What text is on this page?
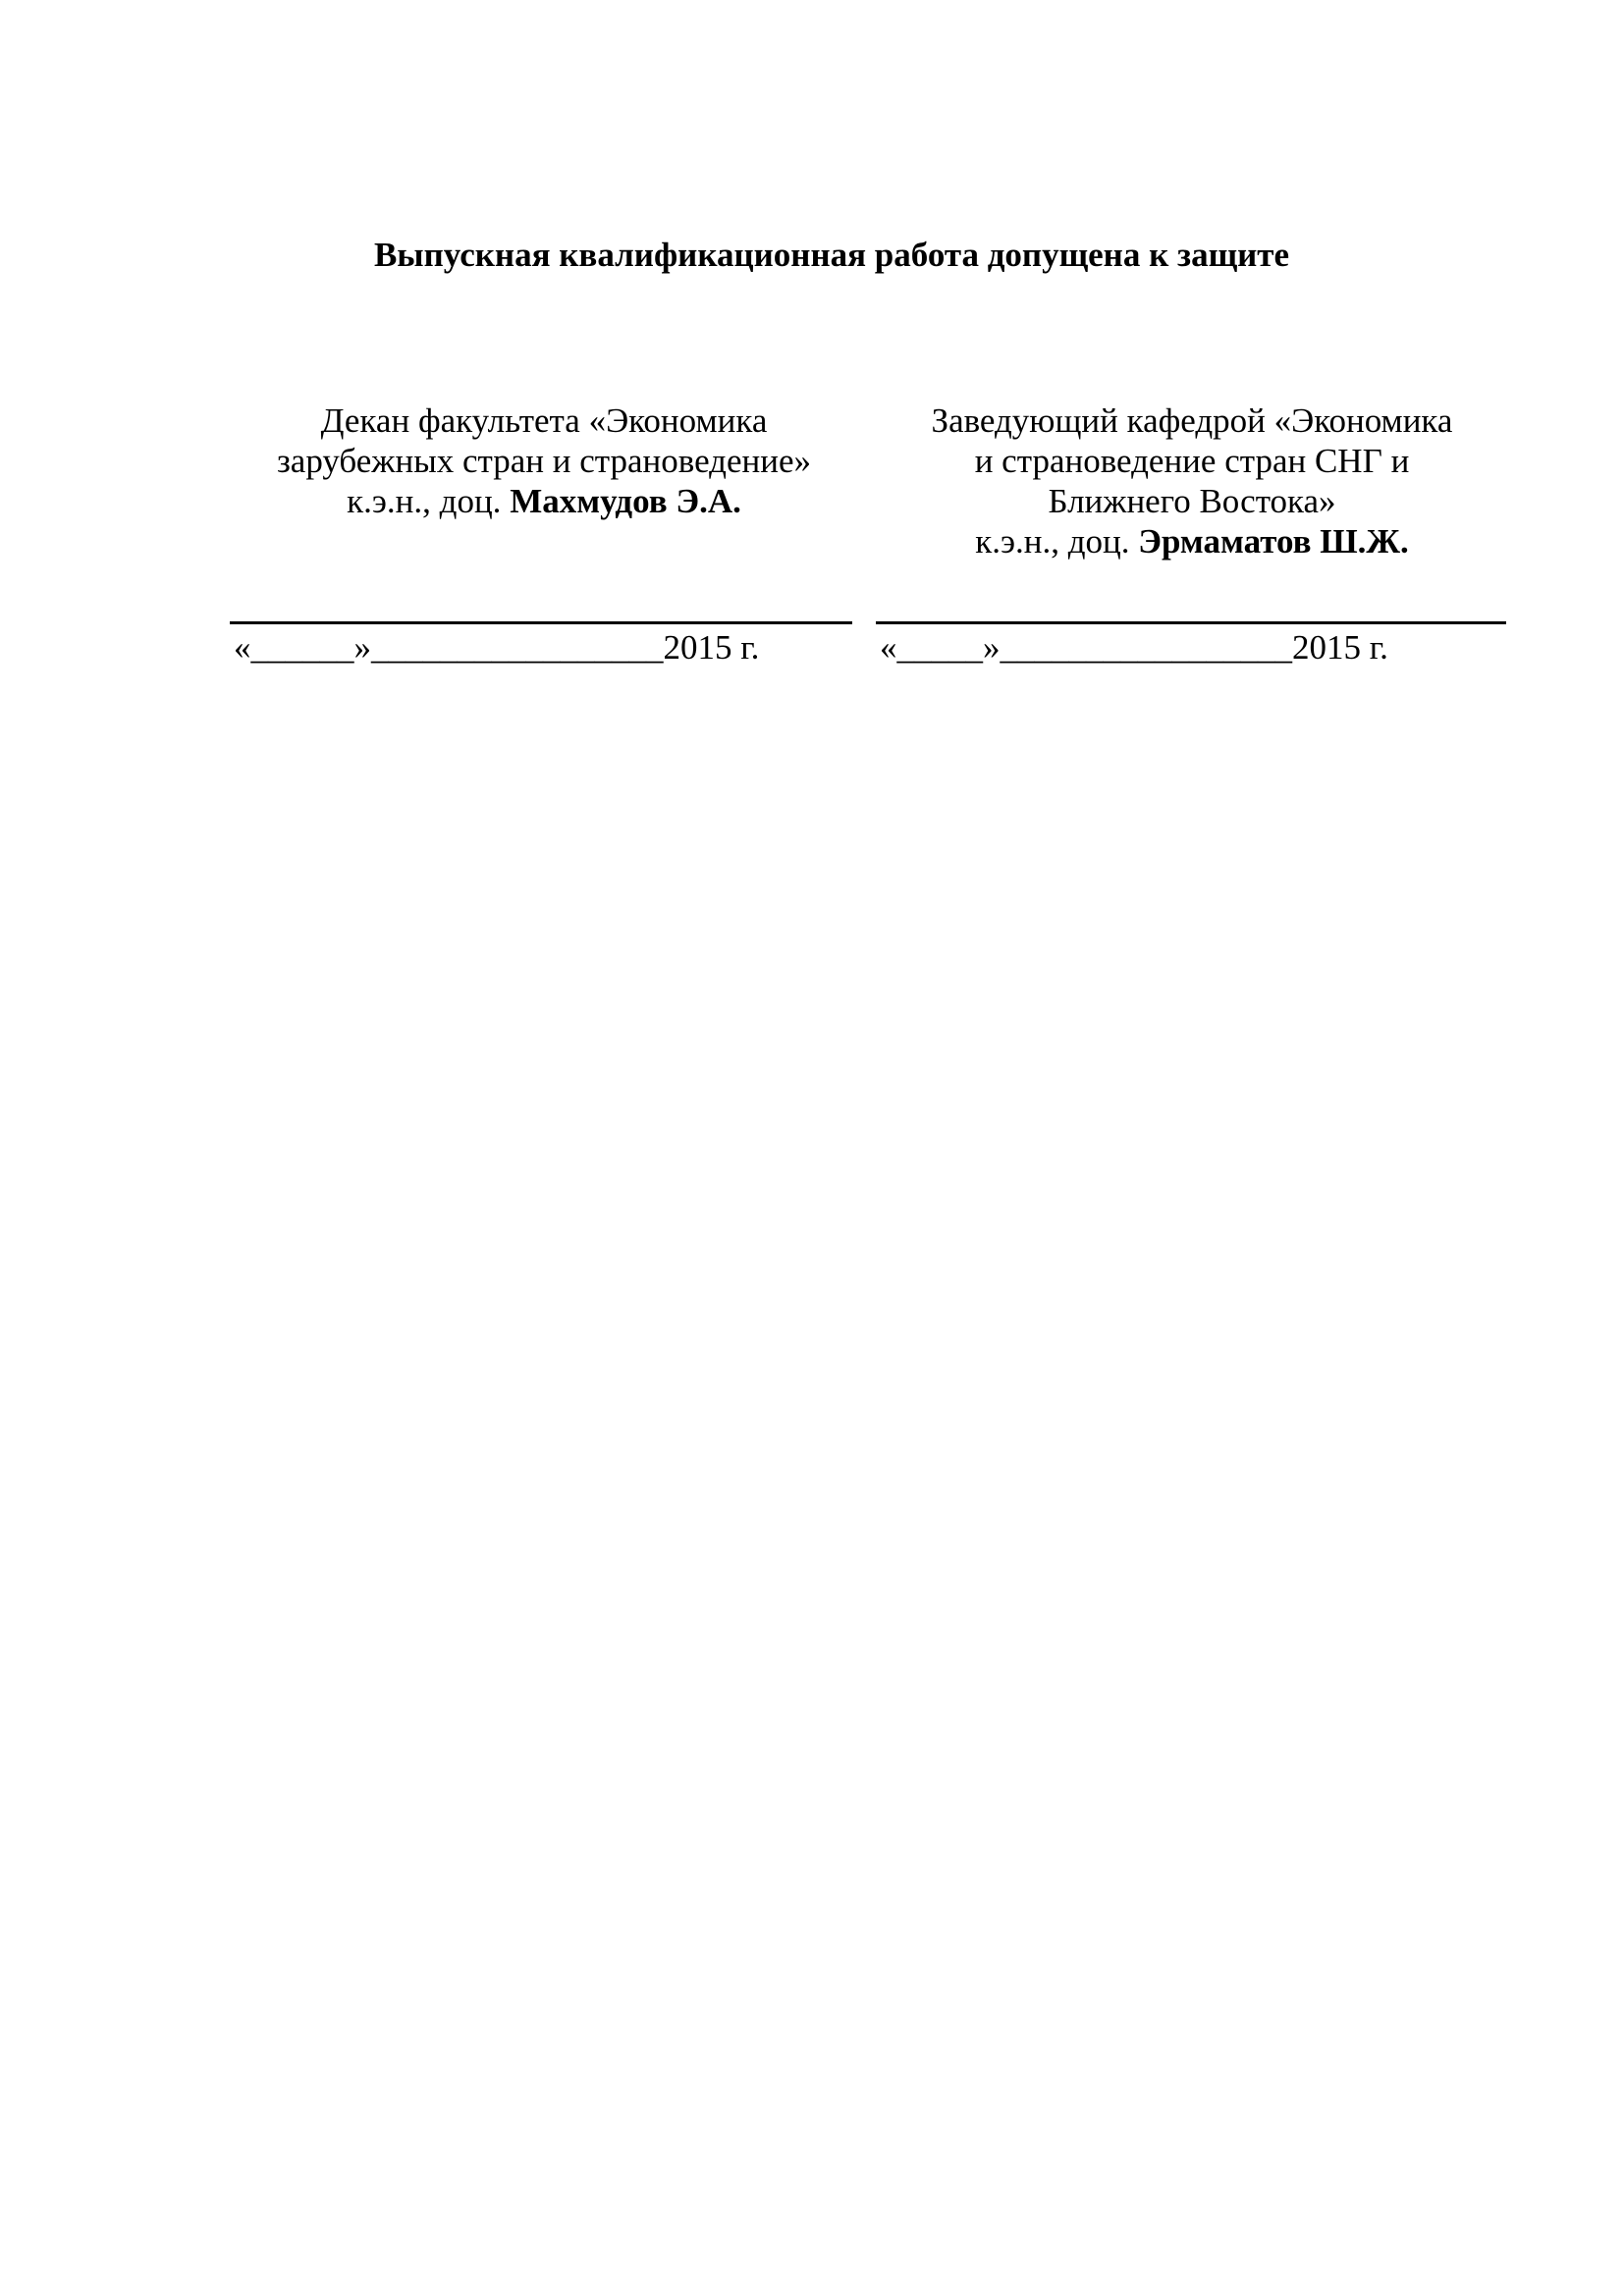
Выпускная квалификационная работа допущена к защите
Декан факультета «Экономика
зарубежных стран и страноведение»
к.э.н., доц. Махмудов Э.А.
Заведующий кафедрой «Экономика
и страноведение стран СНГ и
Ближнего Востока»
к.э.н., доц. Эрмаматов Ш.Ж.
«______»_________________2015 г.	«_____»_________________2015 г.
